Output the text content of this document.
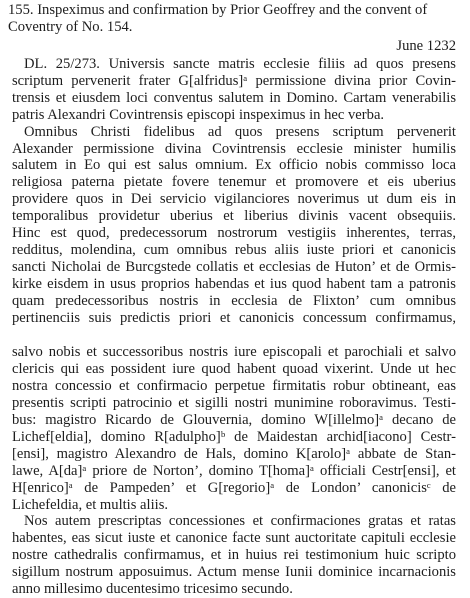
155. Inspeximus and confirmation by Prior Geoffrey and the convent of
Coventry of No. 154.
June 1232
DL. 25/273. Universis sancte matris ecclesie filiis ad quos presens
scriptum pervenerit frater G[alfridus]ᵃ permissione divina prior Covin-
trensis et eiusdem loci conventus salutem in Domino. Cartam venerabilis
patris Alexandri Covintrensis episcopi inspeximus in hec verba.
Omnibus Christi fidelibus ad quos presens scriptum pervenerit
Alexander permissione divina Covintrensis ecclesie minister humilis
salutem in Eo qui est salus omnium. Ex officio nobis commisso loca
religiosa paterna pietate fovere tenemur et promovere et eis uberius
providere quos in Dei servicio vigilanciores noverimus ut dum eis in
temporalibus providetur uberius et liberius divinis vacent obsequiis.
Hinc est quod, predecessorum nostrorum vestigiis inherentes, terras,
redditus, molendina, cum omnibus rebus aliis iuste priori et canonicis
sancti Nicholai de Burcgstede collatis et ecclesias de Huton’ et de Ormis-
kirke eisdem in usus proprios habendas et ius quod habent tam a patronis
quam predecessoribus nostris in ecclesia de Flixton’ cum omnibus
pertinenciis suis predictis priori et canonicis concessum confirmamus,
salvo nobis et successoribus nostris iure episcopali et parochiali et salvo
clericis qui eas possident iure quod habent quoad vixerint. Unde ut hec
nostra concessio et confirmacio perpetue firmitatis robur obtineant, eas
presentis scripti patrocinio et sigilli nostri munimine roboravimus. Testi-
bus: magistro Ricardo de Glouvernia, domino W[illelmo]ᵃ decano de
Lichef[eldia], domino R[adulpho]ᵇ de Maidestan archid[iacono] Cestr-
[ensi], magistro Alexandro de Hals, domino K[arolo]ᵃ abbate de Stan-
lawe, A[da]ᵃ priore de Norton’, domino T[homa]ᵃ officiali Cestr[ensi], et
H[enrico]ᵃ de Pampeden’ et G[regorio]ᵃ de London’ canonicisᶜ de
Lichefeldia, et multis aliis.
Nos autem prescriptas concessiones et confirmaciones gratas et ratas
habentes, eas sicut iuste et canonice facte sunt auctoritate capituli ecclesie
nostre cathedralis confirmamus, et in huius rei testimonium huic scripto
sigillum nostrum apposuimus. Actum mense Iunii dominice incarnacionis
anno millesimo ducentesimo tricesimo secundo.
